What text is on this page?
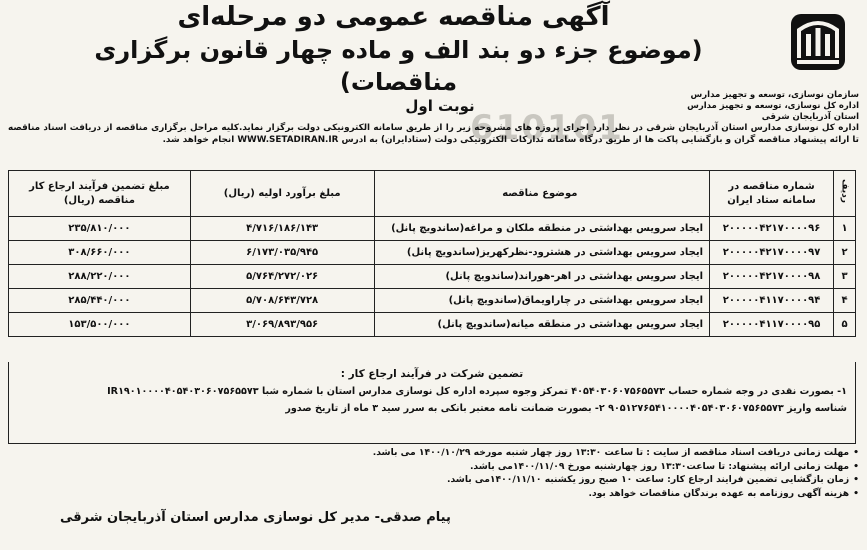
610101
سازمان نوسازی، توسعه و تجهیز مدارس
اداره کل نوسازی، توسعه و تجهیز مدارس
استان آذربایجان شرقی
آگهی مناقصه عمومی دو مرحله‌ای
(موضوع جزء دو بند الف و ماده چهار قانون برگزاری مناقصات)
نوبت اول
اداره کل نوسازی مدارس استان آذربایجان شرقی در نظر دارد اجرای پروژه های مشروحه زیر را از طریق سامانه الکترونیکی دولت برگزار نماید.کلیه مراحل برگزاری مناقصه از دریافت اسناد مناقصه تا ارائه پیشنهاد مناقصه گران و بازگشایی پاکت ها از طریق درگاه سامانه تدارکات الکترونیکی دولت (ستادایران) به ادرس WWW.SETADIRAN.IR انجام خواهد شد.
ردیف	شماره مناقصه در سامانه ستاد ایران	موضوع مناقصه	مبلغ برآورد اولیه (ریال)	مبلغ تضمین فرآیند ارجاع کار مناقصه (ریال)
۱	۲۰۰۰۰۰۴۲۱۷۰۰۰۰۹۶	ایجاد سرویس بهداشتی در منطقه ملکان و مراغه(ساندویچ پانل)	۴/۷۱۶/۱۸۶/۱۴۳	۲۳۵/۸۱۰/۰۰۰
۲	۲۰۰۰۰۰۴۲۱۷۰۰۰۰۹۷	ایجاد سرویس بهداشتی در هشترود-نظرکهریز(ساندویچ پانل)	۶/۱۷۳/۰۳۵/۹۴۵	۳۰۸/۶۶۰/۰۰۰
۳	۲۰۰۰۰۰۴۲۱۷۰۰۰۰۹۸	ایجاد سرویس بهداشتی در اهر-هوراند(ساندویچ پانل)	۵/۷۶۴/۲۷۲/۰۲۶	۲۸۸/۲۲۰/۰۰۰
۴	۲۰۰۰۰۰۴۱۱۷۰۰۰۰۹۴	ایجاد سرویس بهداشتی در چاراویماق(ساندویچ پانل)	۵/۷۰۸/۶۴۳/۷۲۸	۲۸۵/۴۴۰/۰۰۰
۵	۲۰۰۰۰۰۴۱۱۷۰۰۰۰۹۵	ایجاد سرویس بهداشتی در منطقه میانه(ساندویچ پانل)	۳/۰۶۹/۸۹۳/۹۵۶	۱۵۳/۵۰۰/۰۰۰
تضمین شرکت در فرآیند ارجاع کار :
۱- بصورت نقدی در وجه شماره حساب ۴۰۵۴۰۳۰۶۰۷۵۶۵۵۷۳ تمرکز وجوه سپرده اداره کل نوسازی مدارس استان با شماره شبا IR۱۹۰۱۰۰۰۰۴۰۵۴۰۳۰۶۰۷۵۶۵۵۷۳
شناسه واریز ۹۰۵۱۲۷۶۵۴۱۰۰۰۰۴۰۵۴۰۳۰۶۰۷۵۶۵۵۷۳ ۲- بصورت ضمانت نامه معتبر بانکی به سرر سید ۳ ماه از تاریخ صدور
• مهلت زمانی دریافت اسناد مناقصه از سایت : تا ساعت ۱۳:۳۰ روز چهار شنبه مورخه ۱۴۰۰/۱۰/۲۹ می باشد.
• مهلت زمانی ارائه پیشنهاد: تا ساعت۱۳:۳۰ روز چهارشنبه مورخ ۱۴۰۰/۱۱/۰۹می باشد.
• زمان بازگشایی تضمین فرایند ارجاع کار: ساعت ۱۰ صبح روز یکشنبه ۱۴۰۰/۱۱/۱۰می باشد.
• هزینه آگهی روزنامه به عهده برندگان مناقصات خواهد بود.
پیام صدقی- مدیر کل نوسازی مدارس استان آذربایجان شرقی
